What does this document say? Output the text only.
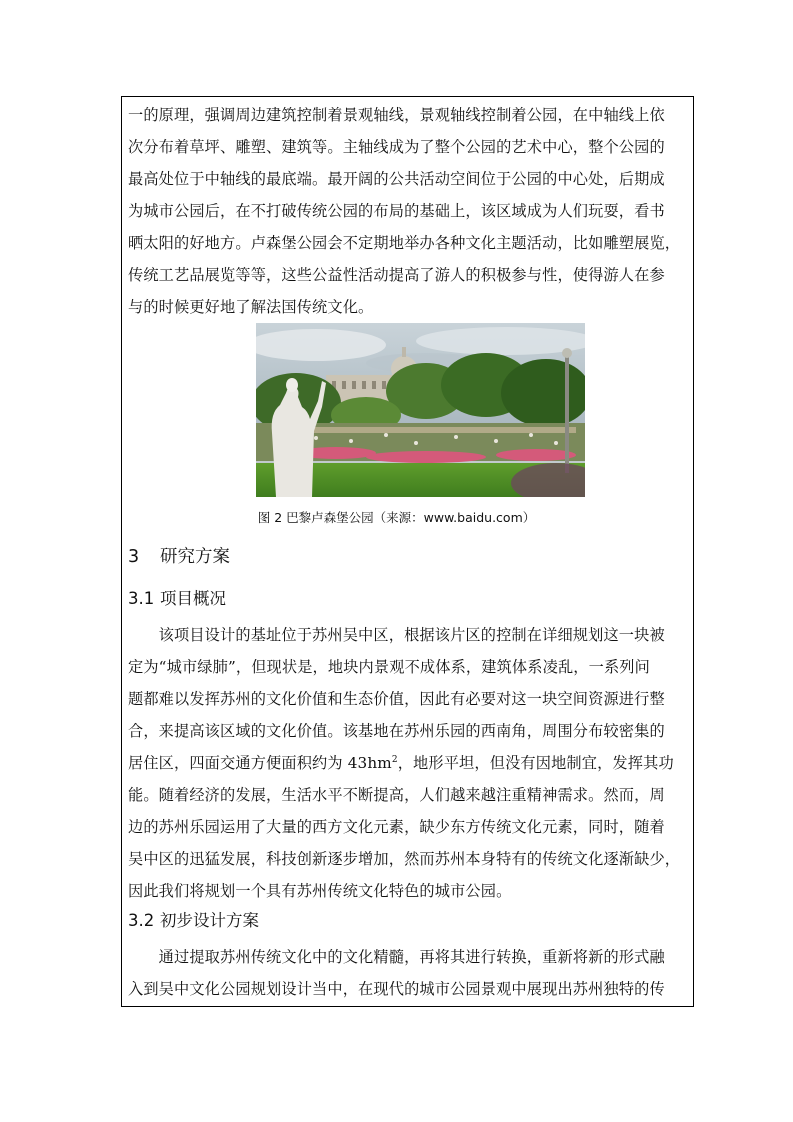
一的原理，强调周边建筑控制着景观轴线，景观轴线控制着公园，在中轴线上依
次分布着草坪、雕塑、建筑等。主轴线成为了整个公园的艺术中心，整个公园的
最高处位于中轴线的最底端。最开阔的公共活动空间位于公园的中心处，后期成
为城市公园后，在不打破传统公园的布局的基础上，该区域成为人们玩耍，看书
晒太阳的好地方。卢森堡公园会不定期地举办各种文化主题活动，比如雕塑展览，
传统工艺品展览等等，这些公益性活动提高了游人的积极参与性，使得游人在参
与的时候更好地了解法国传统文化。
图 2 巴黎卢森堡公园（来源：www.baidu.com）
3 研究方案
3.1 项目概况
　　该项目设计的基址位于苏州吴中区，根据该片区的控制在详细规划这一块被
定为“城市绿肺”，但现状是，地块内景观不成体系，建筑体系凌乱，一系列问
题都难以发挥苏州的文化价值和生态价值，因此有必要对这一块空间资源进行整
合，来提高该区域的文化价值。该基地在苏州乐园的西南角，周围分布较密集的
居住区，四面交通方便面积约为 $43hm^2$，地形平坦，但没有因地制宜，发挥其功
能。随着经济的发展，生活水平不断提高，人们越来越注重精神需求。然而，周
边的苏州乐园运用了大量的西方文化元素，缺少东方传统文化元素，同时，随着
吴中区的迅猛发展，科技创新逐步增加，然而苏州本身特有的传统文化逐渐缺少，
因此我们将规划一个具有苏州传统文化特色的城市公园。
3.2 初步设计方案
　　通过提取苏州传统文化中的文化精髓，再将其进行转换，重新将新的形式融
入到吴中文化公园规划设计当中，在现代的城市公园景观中展现出苏州独特的传
